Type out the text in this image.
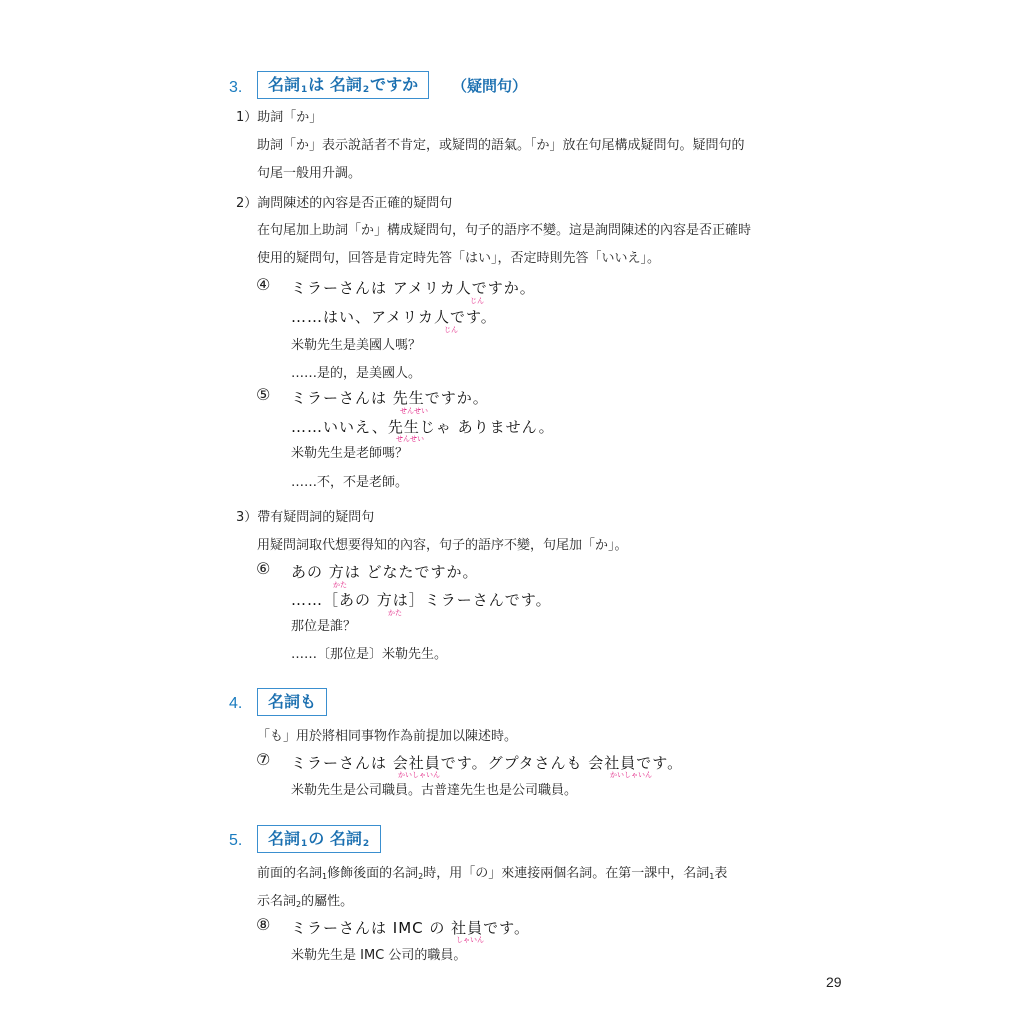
3.	名詞$_1$は 名詞$_2$ですか	（疑問句）
1）助詞「か」
助詞「か」表示說話者不肯定，或疑問的語氣。「か」放在句尾構成疑問句。疑問句的
句尾一般用升調。
2）詢問陳述的內容是否正確的疑問句
在句尾加上助詞「か」構成疑問句，句子的語序不變。這是詢問陳述的內容是否正確時
使用的疑問句，回答是肯定時先答「はい」，否定時則先答「いいえ」。
④ ミラーさんは アメリカ人ですか。
じん
……はい、アメリカ人です。
じん
米勒先生是美國人嗎？
……是的，是美國人。
⑤ ミラーさんは 先生ですか。
せんせい
……いいえ、先生じゃ ありません。
せんせい
米勒先生是老師嗎？
……不，不是老師。
3）帶有疑問詞的疑問句
用疑問詞取代想要得知的內容，句子的語序不變，句尾加「か」。
⑥ あの 方は どなたですか。
かた
……［あの 方は］ミラーさんです。
かた
那位是誰？
……〔那位是〕米勒先生。
4.	名詞も
「も」用於將相同事物作為前提加以陳述時。
⑦ ミラーさんは 会社員です。グプタさんも 会社員です。
かいしゃいん	かいしゃいん
米勒先生是公司職員。古普達先生也是公司職員。
5.	名詞$_1$の 名詞$_2$
前面的名詞$_1$修飾後面的名詞$_2$時，用「の」來連接兩個名詞。在第一課中，名詞$_1$表
示名詞$_2$的屬性。
⑧ ミラーさんは IMC の 社員です。
しゃいん
米勒先生是 IMC 公司的職員。
29
